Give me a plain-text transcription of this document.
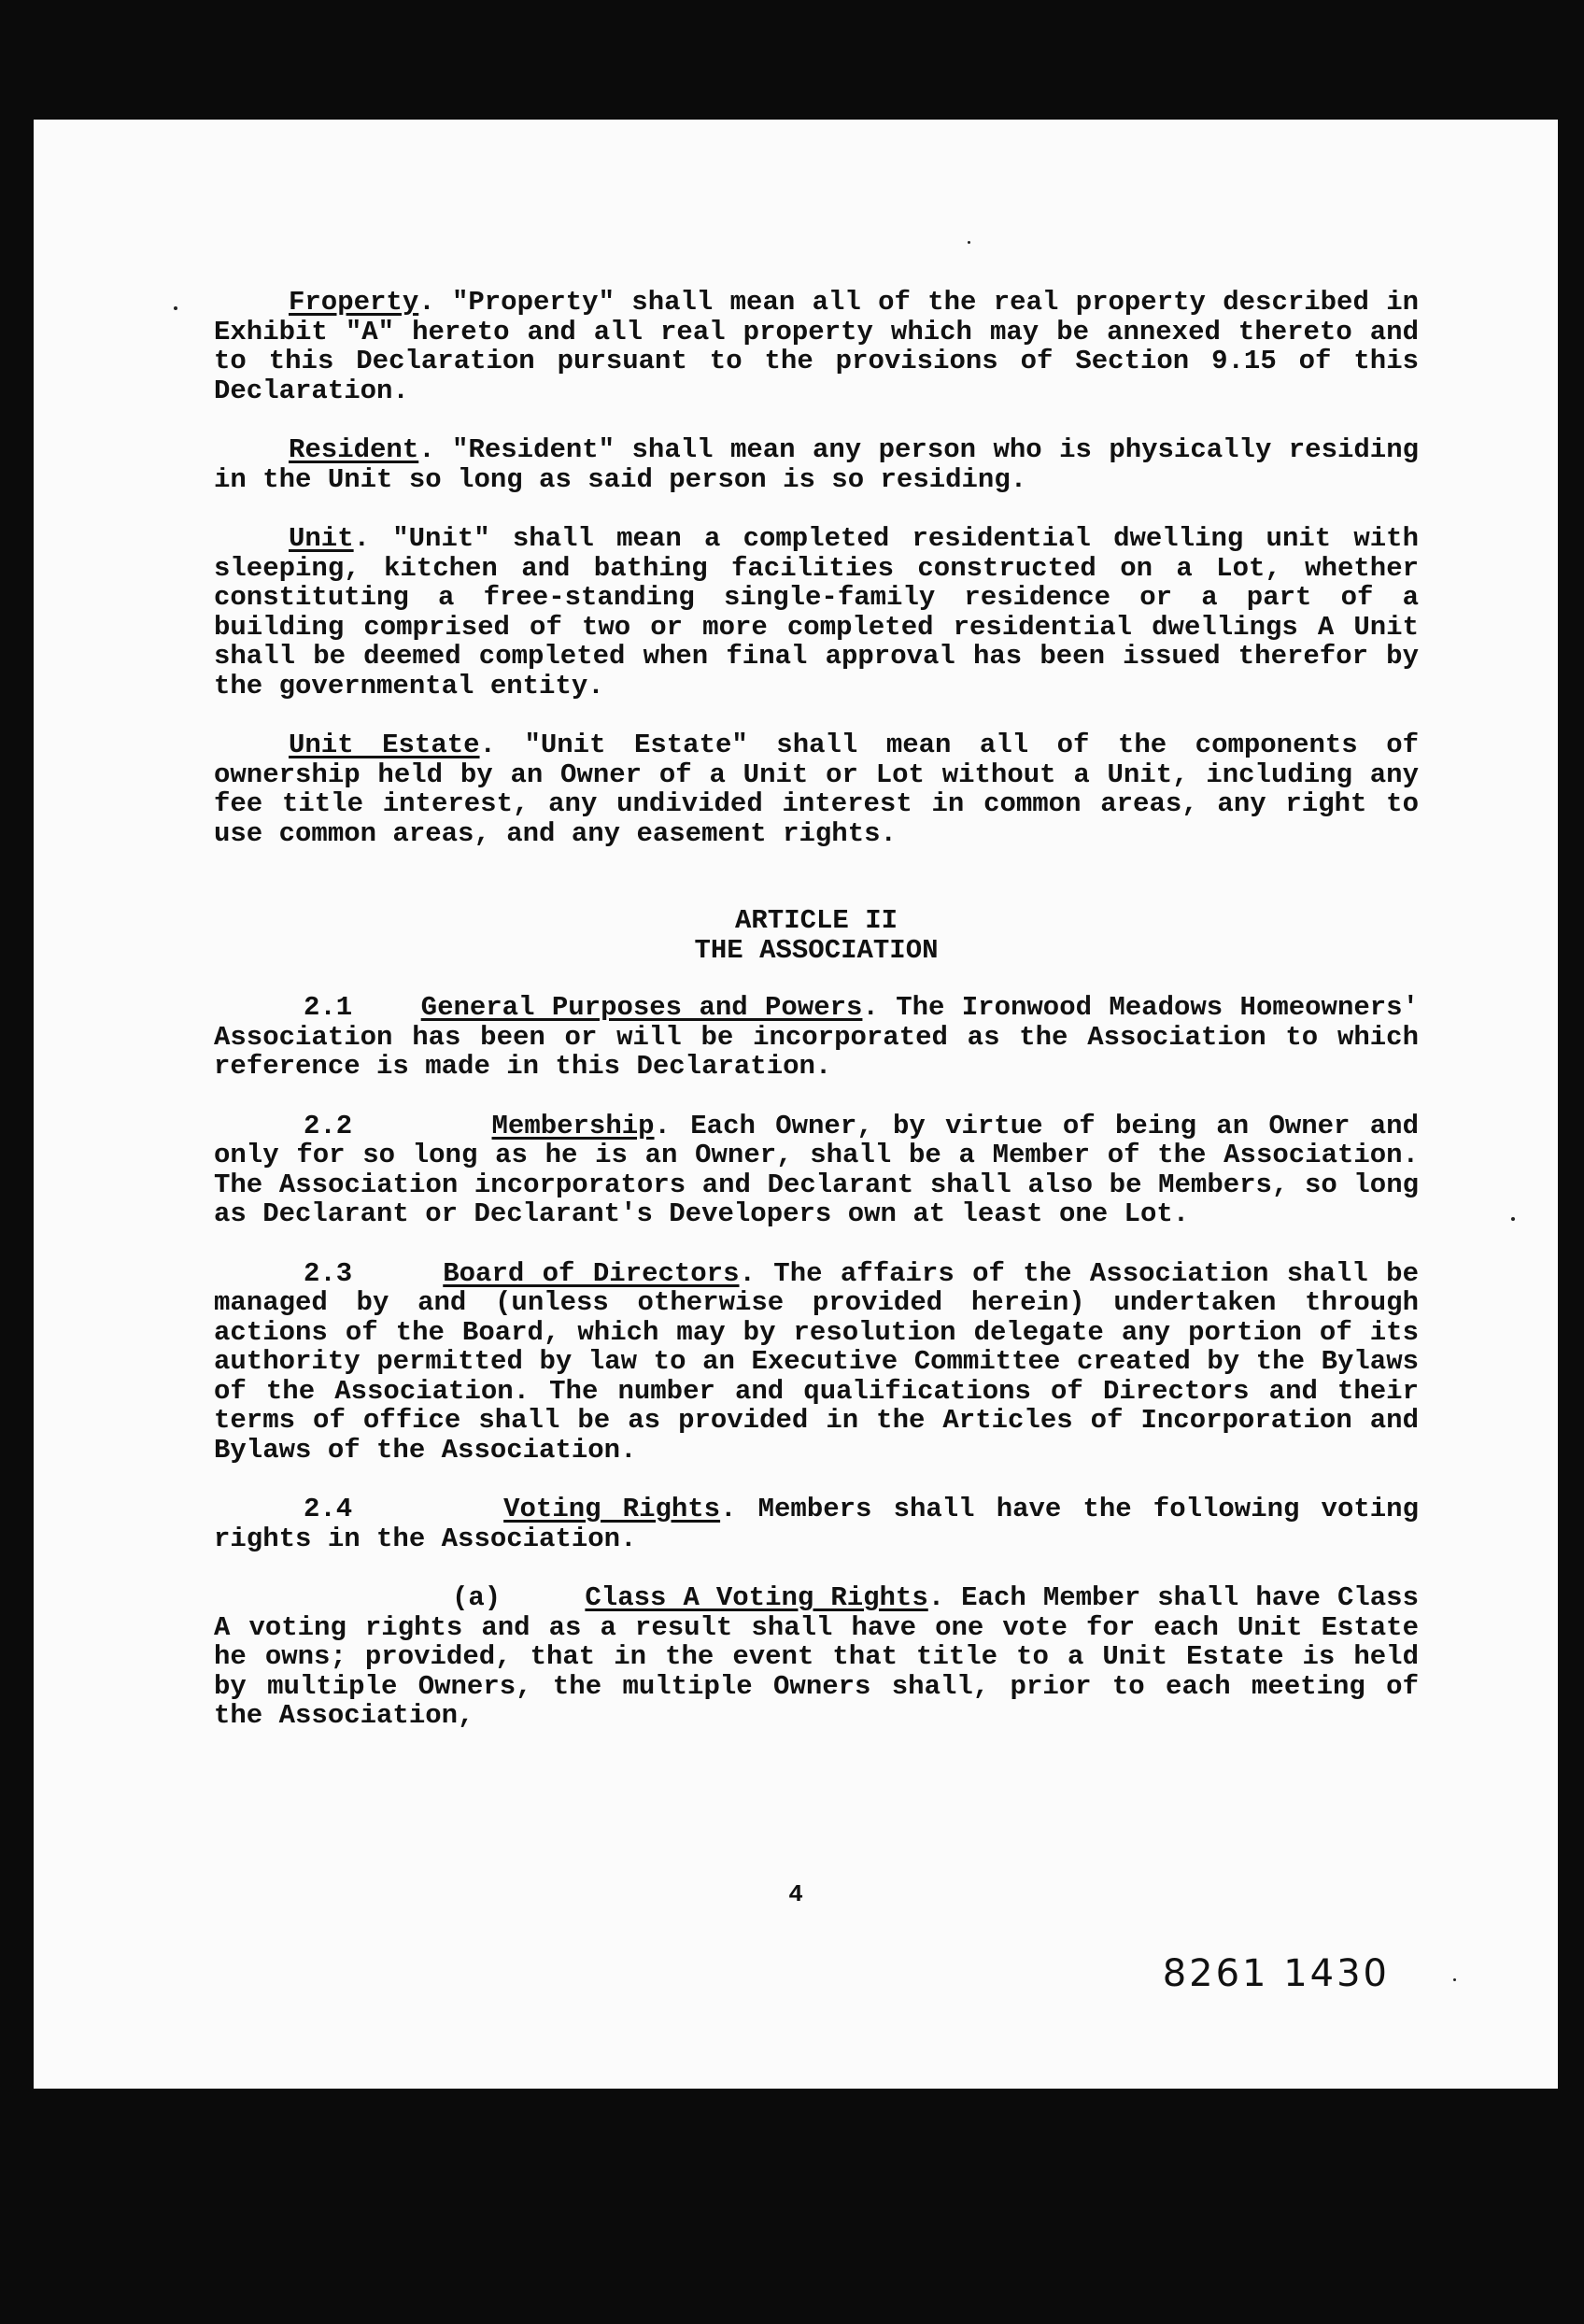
Froperty. "Property" shall mean all of the real property described in Exhibit "A" hereto and all real property which may be annexed thereto and to this Declaration pursuant to the provisions of Section 9.15 of this Declaration.

Resident. "Resident" shall mean any person who is physically residing in the Unit so long as said person is so residing.

Unit. "Unit" shall mean a completed residential dwelling unit with sleeping, kitchen and bathing facilities constructed on a Lot, whether constituting a free-standing single-family residence or a part of a building comprised of two or more completed residential dwellings A Unit shall be deemed completed when final approval has been issued therefor by the governmental entity.

Unit Estate. "Unit Estate" shall mean all of the components of ownership held by an Owner of a Unit or Lot without a Unit, including any fee title interest, any undivided interest in common areas, any right to use common areas, and any easement rights.

ARTICLE II
THE ASSOCIATION

2.1	General Purposes and Powers. The Ironwood Meadows Homeowners' Association has been or will be incorporated as the Association to which reference is made in this Declaration.

2.2	Membership. Each Owner, by virtue of being an Owner and only for so long as he is an Owner, shall be a Member of the Association. The Association incorporators and Declarant shall also be Members, so long as Declarant or Declarant's Developers own at least one Lot.

2.3	Board of Directors. The affairs of the Association shall be managed by and (unless otherwise provided herein) undertaken through actions of the Board, which may by resolution delegate any portion of its authority permitted by law to an Executive Committee created by the Bylaws of the Association. The number and qualifications of Directors and their terms of office shall be as provided in the Articles of Incorporation and Bylaws of the Association.

2.4	Voting Rights. Members shall have the following voting rights in the Association.

(a)	Class A Voting Rights. Each Member shall have Class A voting rights and as a result shall have one vote for each Unit Estate he owns; provided, that in the event that title to a Unit Estate is held by multiple Owners, the multiple Owners shall, prior to each meeting of the Association,

4
8261 1430
